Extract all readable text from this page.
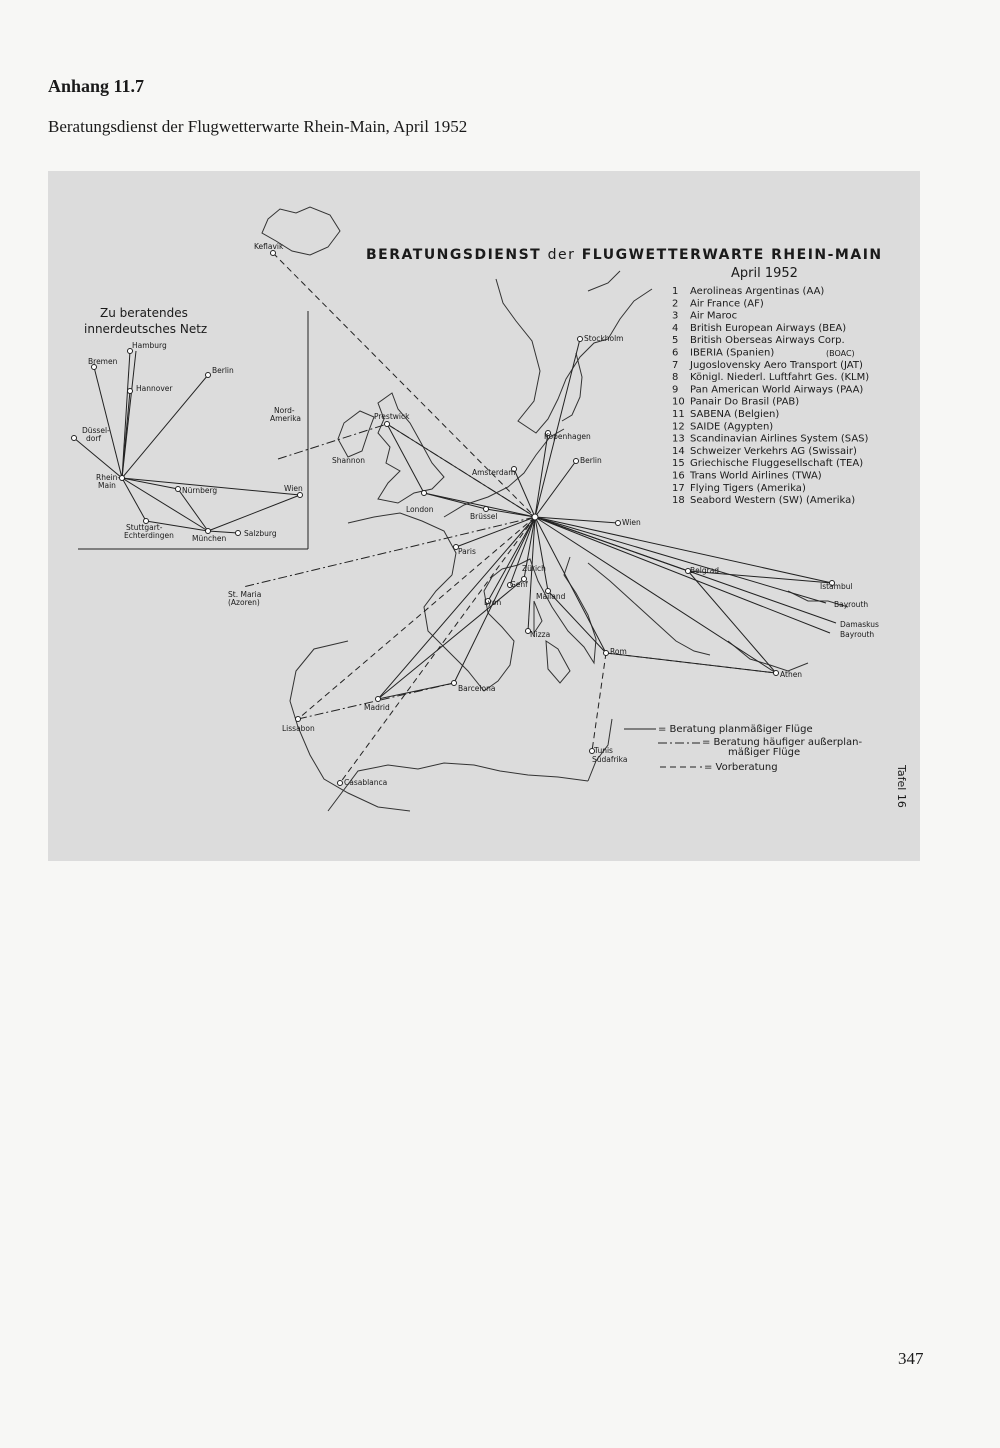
Anhang 11.7
Beratungsdienst der Flugwetterwarte Rhein-Main, April 1952
BERATUNGSDIENST der FLUGWETTERWARTE RHEIN-MAIN
April 1952
1 Aerolineas Argentinas (AA)
2 Air France (AF)
3 Air Maroc
4 British European Airways (BEA)
5 British Oberseas Airways Corp.
6 IBERIA (Spanien)
7 Jugoslovensky Aero Transport (JAT)
8 Königl. Niederl. Luftfahrt Ges. (KLM)
9 Pan American World Airways (PAA)
10 Panair Do Brasil (PAB)
11 SABENA (Belgien)
12 SAIDE (Agypten)
13 Scandinavian Airlines System (SAS)
14 Schweizer Verkehrs AG (Swissair)
15 Griechische Fluggesellschaft (TEA)
16 Trans World Airlines (TWA)
17 Flying Tigers (Amerika)
18 Seabord Western (SW) (Amerika)
(BOAC)
Zu beratendes
innerdeutsches Netz
Hamburg
Bremen
Hannover
Berlin
Düssel-
dorf
Rhein-
Main
Nürnberg
Stuttgart-
Echterdingen München
Salzburg
Wien
Keflavik
Stockholm
Kopenhagen
Berlin
Prestwick
Shannon
Amsterdam
London
Brüssel
Paris
Wien
Zürich
Genf
Lyon
Mailand
Nizza
Rom
Belgrad
Istambul
Bayrouth
Damaskus
Bayrouth
Athen
Barcelona
Madrid
Lissabon
Casablanca
St. Maria
(Azoren)
Nord-
Amerika
Tunis
Südafrika
= Beratung planmäßiger Flüge
= Beratung häufiger außerplan-
mäßiger Flüge
= Vorberatung	Tafel 16
347
